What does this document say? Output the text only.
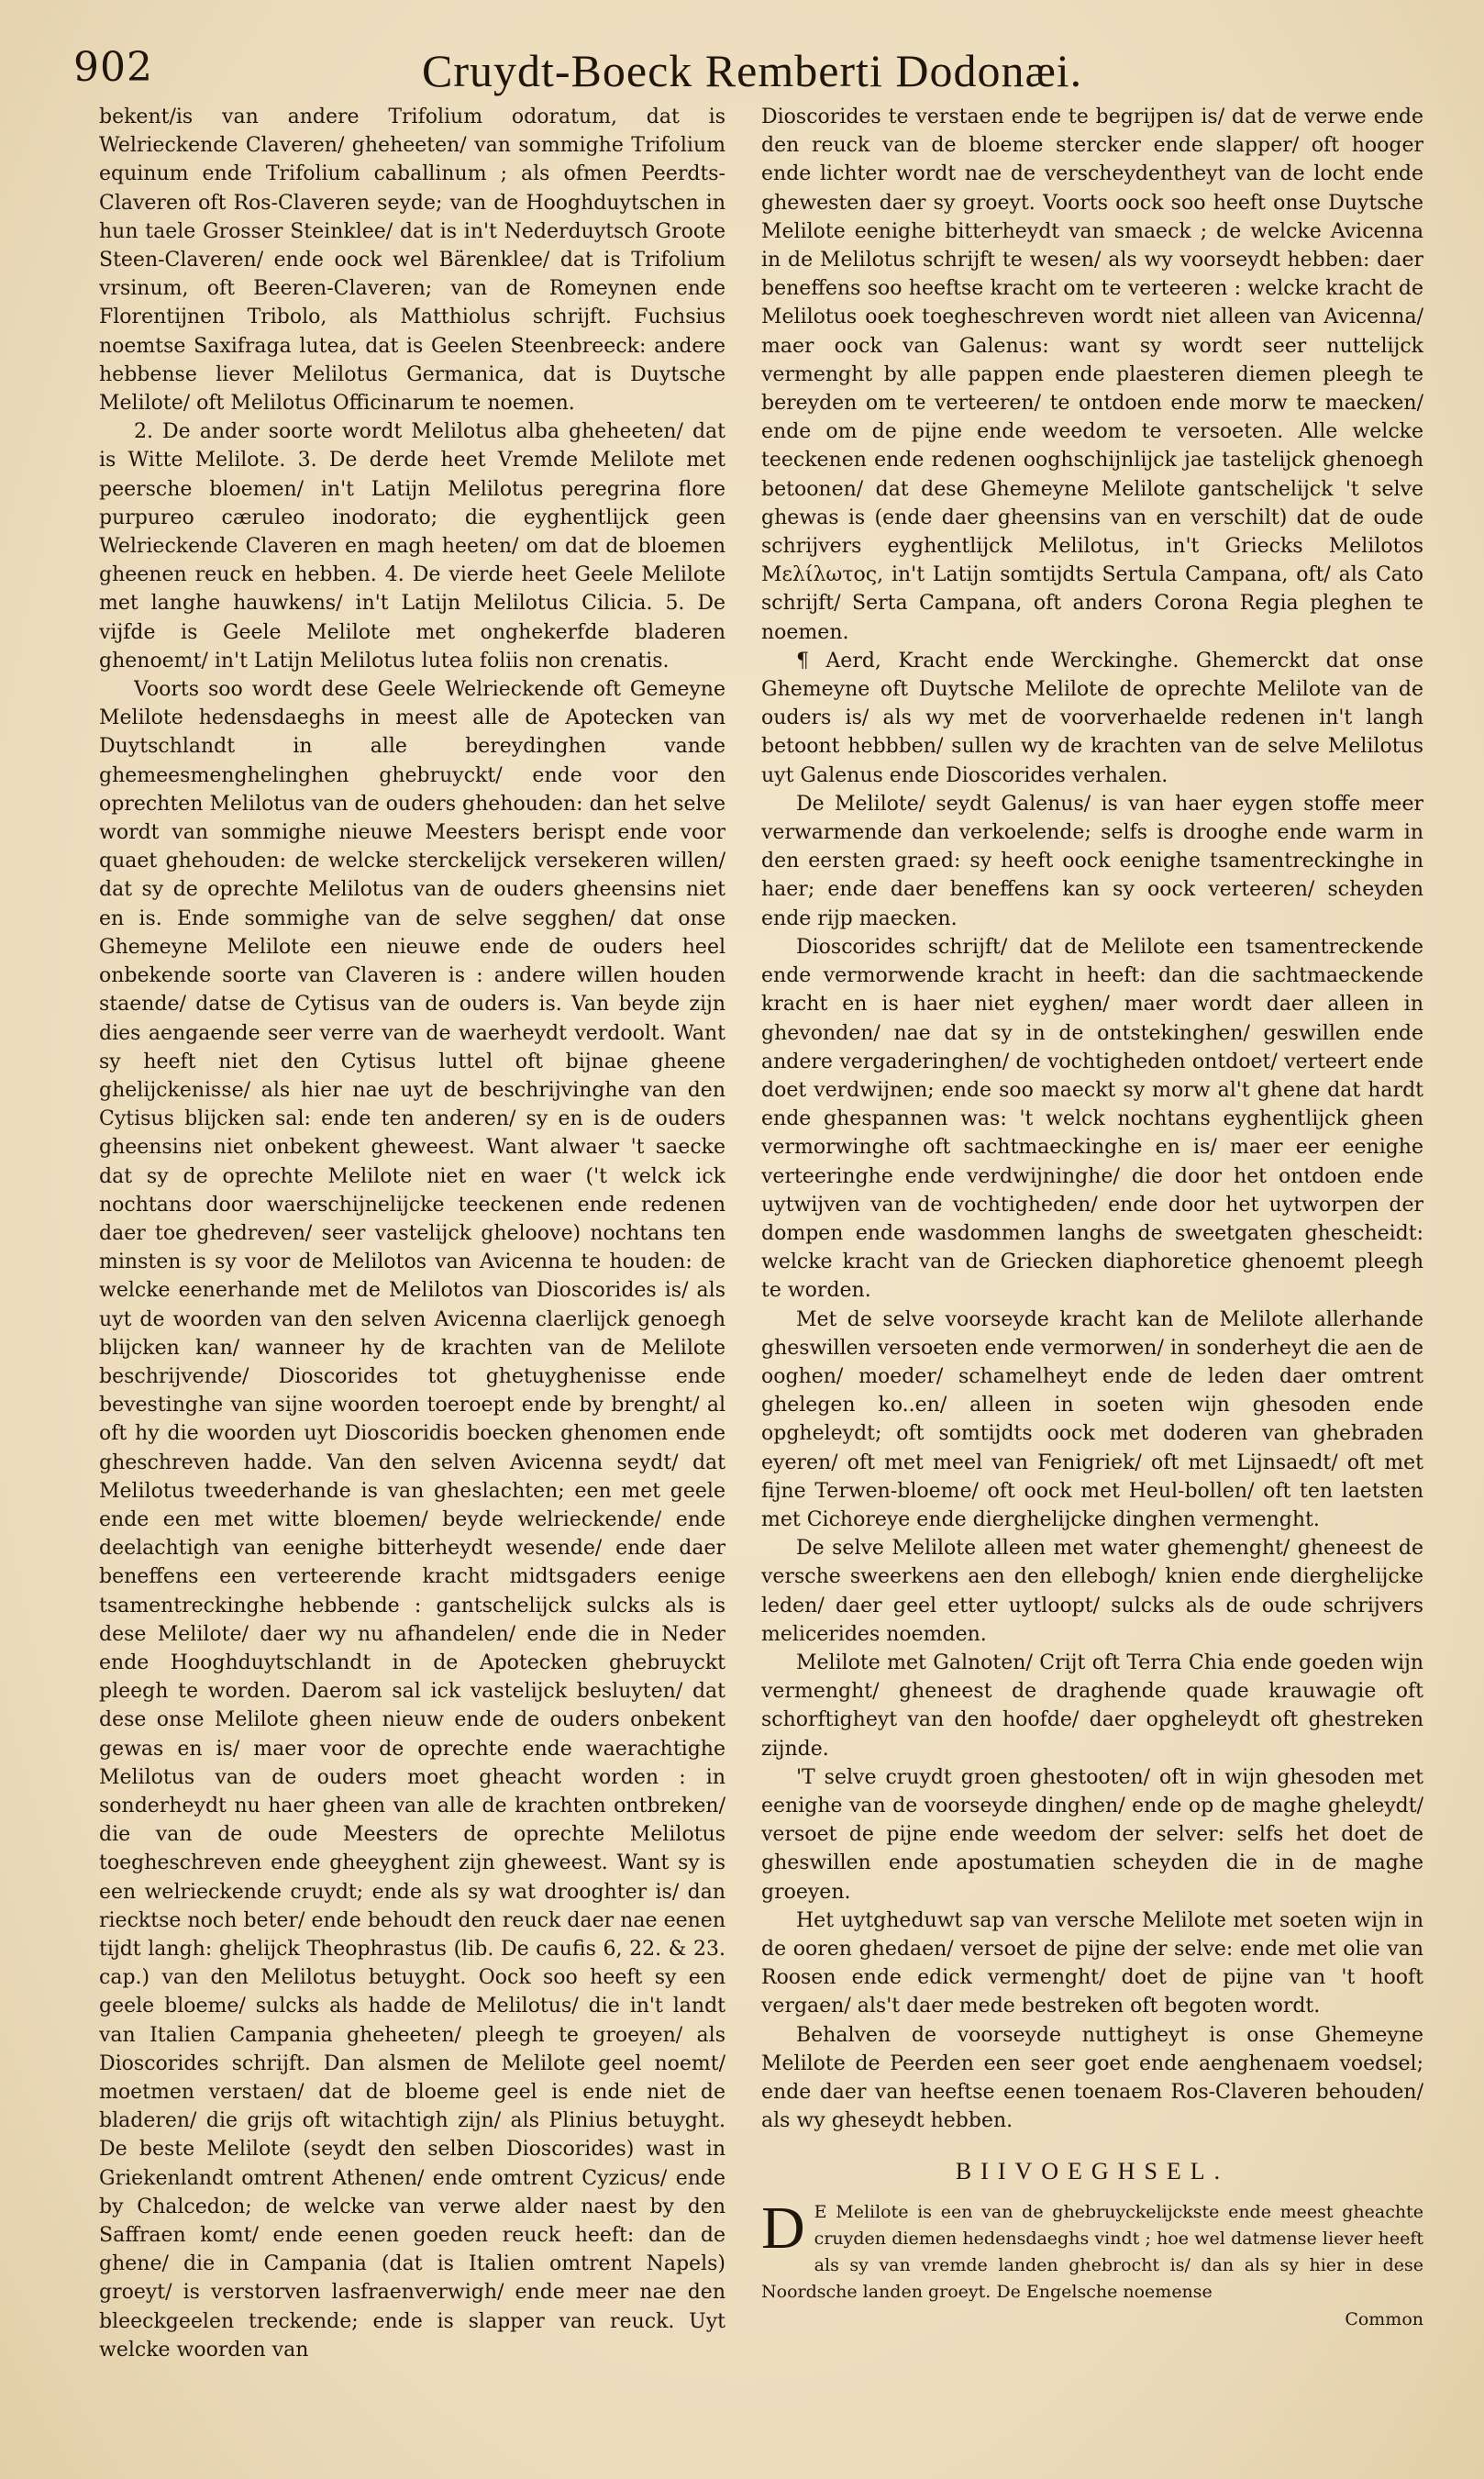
902	Cruydt-Boeck Remberti Dodonæi.

bekent/is van andere Trifolium odoratum, dat is Welrieckende Claveren/ gheheeten/ van sommighe Trifolium equinum ende Trifolium caballinum ; als ofmen Peerdts-Claveren oft Ros-Claveren seyde; van de Hooghduytschen in hun taele Grosser Steinklee/ dat is in't Nederduytsch Groote Steen-Claveren/ ende oock wel Bärenklee/ dat is Trifolium vrsinum, oft Beeren-Claveren; van de Romeynen ende Florentijnen Tribolo, als Matthiolus schrijft. Fuchsius noemtse Saxifraga lutea, dat is Geelen Steenbreeck: andere hebbense liever Melilotus Germanica, dat is Duytsche Melilote/ oft Melilotus Officinarum te noemen.

2. De ander soorte wordt Melilotus alba gheheeten/ dat is Witte Melilote. 3. De derde heet Vremde Melilote met peersche bloemen/ in't Latijn Melilotus peregrina flore purpureo cæruleo inodorato; die eyghentlijck geen Welrieckende Claveren en magh heeten/ om dat de bloemen gheenen reuck en hebben. 4. De vierde heet Geele Melilote met langhe hauwkens/ in't Latijn Melilotus Cilicia. 5. De vijfde is Geele Melilote met onghekerfde bladeren ghenoemt/ in't Latijn Melilotus lutea foliis non crenatis.

Voorts soo wordt dese Geele Welrieckende oft Gemeyne Melilote hedensdaeghs in meest alle de Apotecken van Duytschlandt in alle bereydinghen vande ghemeesmenghelinghen ghebruyckt/ ende voor den oprechten Melilotus van de ouders ghehouden: dan het selve wordt van sommighe nieuwe Meesters berispt ende voor quaet ghehouden: de welcke sterckelijck versekeren willen/ dat sy de oprechte Melilotus van de ouders gheensins niet en is. Ende sommighe van de selve segghen/ dat onse Ghemeyne Melilote een nieuwe ende de ouders heel onbekende soorte van Claveren is : andere willen houden staende/ datse de Cytisus van de ouders is. Van beyde zijn dies aengaende seer verre van de waerheydt verdoolt. Want sy heeft niet den Cytisus luttel oft bijnae gheene ghelijckenisse/ als hier nae uyt de beschrijvinghe van den Cytisus blijcken sal: ende ten anderen/ sy en is de ouders gheensins niet onbekent gheweest. Want alwaer 't saecke dat sy de oprechte Melilote niet en waer ('t welck ick nochtans door waerschijnelijcke teeckenen ende redenen daer toe ghedreven/ seer vastelijck gheloove) nochtans ten minsten is sy voor de Melilotos van Avicenna te houden: de welcke eenerhande met de Melilotos van Dioscorides is/ als uyt de woorden van den selven Avicenna claerlijck genoegh blijcken kan/ wanneer hy de krachten van de Melilote beschrijvende/ Dioscorides tot ghetuyghenisse ende bevestinghe van sijne woorden toeroept ende by brenght/ al oft hy die woorden uyt Dioscoridis boecken ghenomen ende gheschreven hadde. Van den selven Avicenna seydt/ dat Melilotus tweederhande is van gheslachten; een met geele ende een met witte bloemen/ beyde welrieckende/ ende deelachtigh van eenighe bitterheydt wesende/ ende daer beneffens een verteerende kracht midtsgaders eenige tsamentreckinghe hebbende : gantschelijck sulcks als is dese Melilote/ daer wy nu afhandelen/ ende die in Neder ende Hooghduytschlandt in de Apotecken ghebruyckt pleegh te worden. Daerom sal ick vastelijck besluyten/ dat dese onse Melilote gheen nieuw ende de ouders onbekent gewas en is/ maer voor de oprechte ende waerachtighe Melilotus van de ouders moet gheacht worden : in sonderheydt nu haer gheen van alle de krachten ontbreken/ die van de oude Meesters de oprechte Melilotus toegheschreven ende gheeyghent zijn gheweest. Want sy is een welrieckende cruydt; ende als sy wat drooghter is/ dan riecktse noch beter/ ende behoudt den reuck daer nae eenen tijdt langh: ghelijck Theophrastus (lib. De caufis 6, 22. & 23. cap.) van den Melilotus betuyght. Oock soo heeft sy een geele bloeme/ sulcks als hadde de Melilotus/ die in't landt van Italien Campania gheheeten/ pleegh te groeyen/ als Dioscorides schrijft. Dan alsmen de Melilote geel noemt/ moetmen verstaen/ dat de bloeme geel is ende niet de bladeren/ die grijs oft witachtigh zijn/ als Plinius betuyght. De beste Melilote (seydt den selben Dioscorides) wast in Griekenlandt omtrent Athenen/ ende omtrent Cyzicus/ ende by Chalcedon; de welcke van verwe alder naest by den Saffraen komt/ ende eenen goeden reuck heeft: dan de ghene/ die in Campania (dat is Italien omtrent Napels) groeyt/ is verstorven lasfraenverwigh/ ende meer nae den bleeckgeelen treckende; ende is slapper van reuck. Uyt welcke woorden van

Dioscorides te verstaen ende te begrijpen is/ dat de verwe ende den reuck van de bloeme stercker ende slapper/ oft hooger ende lichter wordt nae de verscheydentheyt van de locht ende ghewesten daer sy groeyt. Voorts oock soo heeft onse Duytsche Melilote eenighe bitterheydt van smaeck ; de welcke Avicenna in de Melilotus schrijft te wesen/ als wy voorseydt hebben: daer beneffens soo heeftse kracht om te verteeren : welcke kracht de Melilotus ooek toegheschreven wordt niet alleen van Avicenna/ maer oock van Galenus: want sy wordt seer nuttelijck vermenght by alle pappen ende plaesteren diemen pleegh te bereyden om te verteeren/ te ontdoen ende morw te maecken/ ende om de pijne ende weedom te versoeten. Alle welcke teeckenen ende redenen ooghschijnlijck jae tastelijck ghenoegh betoonen/ dat dese Ghemeyne Melilote gantschelijck 't selve ghewas is (ende daer gheensins van en verschilt) dat de oude schrijvers eyghentlijck Melilotus, in't Griecks Melilotos Μελίλωτος, in't Latijn somtijdts Sertula Campana, oft/ als Cato schrijft/ Serta Campana, oft anders Corona Regia pleghen te noemen.

¶ Aerd, Kracht ende Werckinghe. Ghemerckt dat onse Ghemeyne oft Duytsche Melilote de oprechte Melilote van de ouders is/ als wy met de voorverhaelde redenen in't langh betoont hebbben/ sullen wy de krachten van de selve Melilotus uyt Galenus ende Dioscorides verhalen.

De Melilote/ seydt Galenus/ is van haer eygen stoffe meer verwarmende dan verkoelende; selfs is drooghe ende warm in den eersten graed: sy heeft oock eenighe tsamentreckinghe in haer; ende daer beneffens kan sy oock verteeren/ scheyden ende rijp maecken.

Dioscorides schrijft/ dat de Melilote een tsamentreckende ende vermorwende kracht in heeft: dan die sachtmaeckende kracht en is haer niet eyghen/ maer wordt daer alleen in ghevonden/ nae dat sy in de ontstekinghen/ geswillen ende andere vergaderinghen/ de vochtigheden ontdoet/ verteert ende doet verdwijnen; ende soo maeckt sy morw al't ghene dat hardt ende ghespannen was: 't welck nochtans eyghentlijck gheen vermorwinghe oft sachtmaeckinghe en is/ maer eer eenighe verteeringhe ende verdwijninghe/ die door het ontdoen ende uytwijven van de vochtigheden/ ende door het uytworpen der dompen ende wasdommen langhs de sweetgaten ghescheidt: welcke kracht van de Griecken diaphoretice ghenoemt pleegh te worden.

Met de selve voorseyde kracht kan de Melilote allerhande gheswillen versoeten ende vermorwen/ in sonderheyt die aen de ooghen/ moeder/ schamelheyt ende de leden daer omtrent ghelegen ko..en/ alleen in soeten wijn ghesoden ende opgheleydt; oft somtijdts oock met doderen van ghebraden eyeren/ oft met meel van Fenigriek/ oft met Lijnsaedt/ oft met fijne Terwen-bloeme/ oft oock met Heul-bollen/ oft ten laetsten met Cichoreye ende dierghelijcke dinghen vermenght.

De selve Melilote alleen met water ghemenght/ gheneest de versche sweerkens aen den ellebogh/ knien ende dierghelijcke leden/ daer geel etter uytloopt/ sulcks als de oude schrijvers melicerides noemden.

Melilote met Galnoten/ Crijt oft Terra Chia ende goeden wijn vermenght/ gheneest de draghende quade krauwagie oft schorftigheyt van den hoofde/ daer opgheleydt oft ghestreken zijnde.

'T selve cruydt groen ghestooten/ oft in wijn ghesoden met eenighe van de voorseyde dinghen/ ende op de maghe gheleydt/ versoet de pijne ende weedom der selver: selfs het doet de gheswillen ende apostumatien scheyden die in de maghe groeyen.

Het uytgheduwt sap van versche Melilote met soeten wijn in de ooren ghedaen/ versoet de pijne der selve: ende met olie van Roosen ende edick vermenght/ doet de pijne van 't hooft vergaen/ als't daer mede bestreken oft begoten wordt.

Behalven de voorseyde nuttigheyt is onse Ghemeyne Melilote de Peerden een seer goet ende aenghenaem voedsel; ende daer van heeftse eenen toenaem Ros-Claveren behouden/ als wy gheseydt hebben.

BIIVOEGHSEL.
D E Melilote is een van de ghebruyckelijckste ende meest gheachte cruyden diemen hedensdaeghs vindt ; hoe wel datmense liever heeft als sy van vremde landen ghebrocht is/ dan als sy hier in dese Noordsche landen groeyt. De Engelsche noemense
Common
